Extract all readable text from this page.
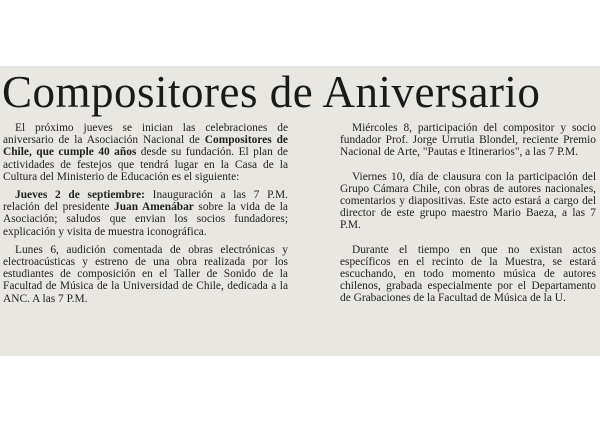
Compositores de Aniversario

El próximo jueves se inician las celebraciones de aniversario de la Asociación Nacional de Compositores de Chile, que cumple 40 años desde su fundación. El plan de actividades de festejos que tendrá lugar en la Casa de la Cultura del Ministerio de Educación es el siguiente:

Jueves 2 de septiembre: Inauguración a las 7 P.M. relación del presidente Juan Amenábar sobre la vida de la Asociación; saludos que envian los socios fundadores; explicación y visita de muestra iconográfica.

Lunes 6, audición comentada de obras electrónicas y electroacústicas y estreno de una obra realizada por los estudiantes de composición en el Taller de Sonido de la Facultad de Música de la Universidad de Chile, dedicada a la ANC. A las 7 P.M.

Miércoles 8, participación del compositor y socio fundador Prof. Jorge Urrutia Blondel, reciente Premio Nacional de Arte, "Pautas e Itinerarios", a las 7 P.M.

Viernes 10, día de clausura con la participación del Grupo Cámara Chile, con obras de autores nacionales, comentarios y diapositivas. Este acto estará a cargo del director de este grupo maestro Mario Baeza, a las 7 P.M.

Durante el tiempo en que no existan actos específicos en el recinto de la Muestra, se estará escuchando, en todo momento música de autores chilenos, grabada especialmente por el Departamento de Grabaciones de la Facultad de Música de la U.
